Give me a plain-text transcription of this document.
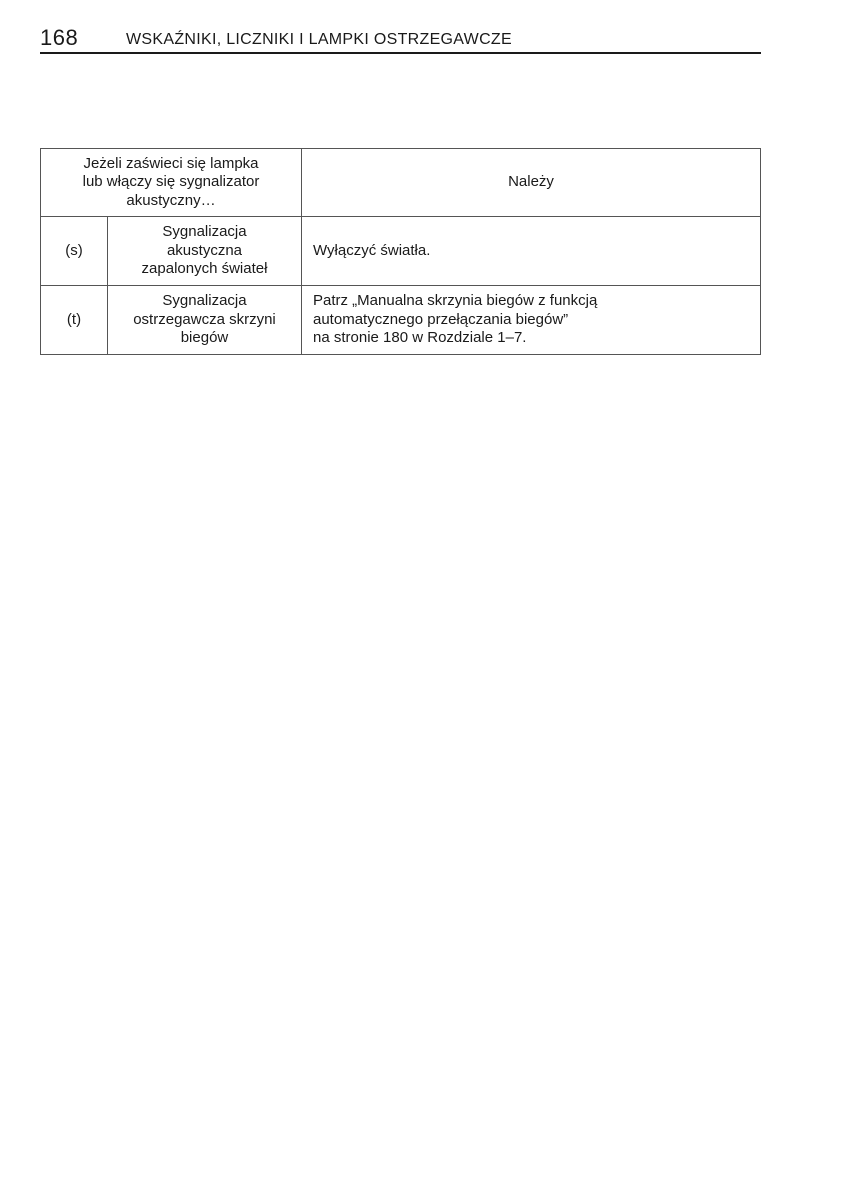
168	WSKAŹNIKI, LICZNIKI I LAMPKI OSTRZEGAWCZE
Jeżeli zaświeci się lampka
lub włączy się sygnalizator
akustyczny…		Należy
(s)	Sygnalizacja
akustyczna
zapalonych świateł	Wyłączyć światła.
(t)	Sygnalizacja
ostrzegawcza skrzyni
biegów	Patrz „Manualna skrzynia biegów z funkcją
automatycznego przełączania biegów”
na stronie 180 w Rozdziale 1–7.
